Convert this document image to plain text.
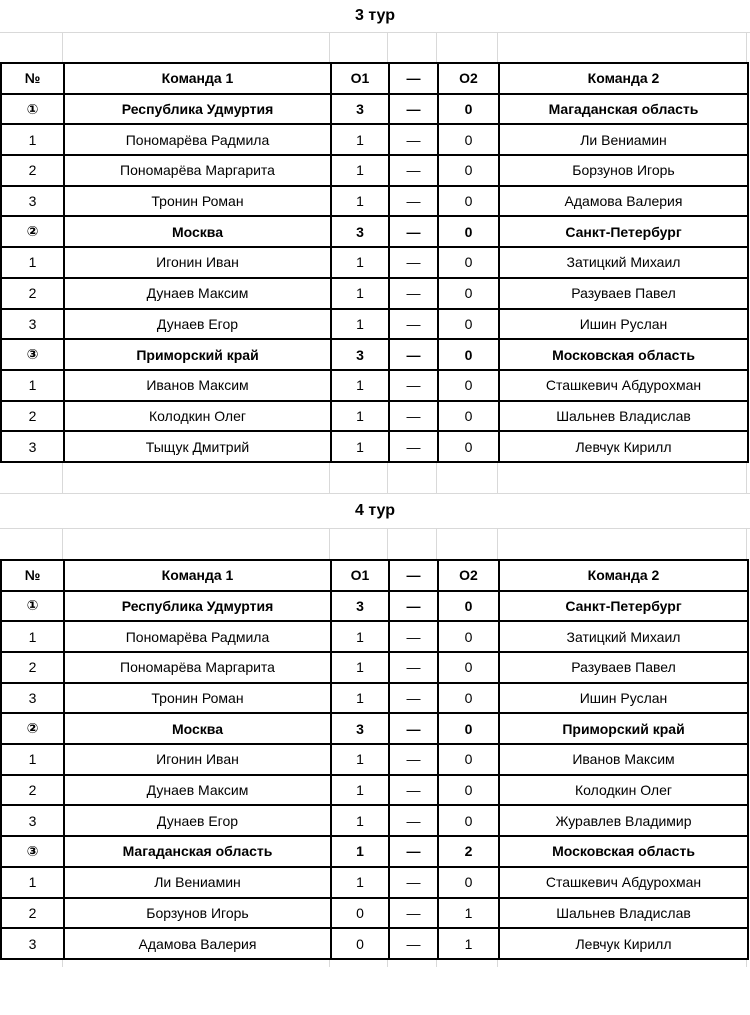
3 тур
№	Команда 1	О1	—	О2	Команда 2
①	Республика Удмуртия	3	—	0	Магаданская область
1	Пономарёва Радмила	1	—	0	Ли Вениамин
2	Пономарёва Маргарита	1	—	0	Борзунов Игорь
3	Тронин Роман	1	—	0	Адамова Валерия
②	Москва	3	—	0	Санкт-Петербург
1	Игонин Иван	1	—	0	Затицкий Михаил
2	Дунаев Максим	1	—	0	Разуваев Павел
3	Дунаев Егор	1	—	0	Ишин Руслан
③	Приморский край	3	—	0	Московская область
1	Иванов Максим	1	—	0	Сташкевич Абдурохман
2	Колодкин Олег	1	—	0	Шальнев Владислав
3	Тыщук Дмитрий	1	—	0	Левчук Кирилл
4 тур
№	Команда 1	О1	—	О2	Команда 2
①	Республика Удмуртия	3	—	0	Санкт-Петербург
1	Пономарёва Радмила	1	—	0	Затицкий Михаил
2	Пономарёва Маргарита	1	—	0	Разуваев Павел
3	Тронин Роман	1	—	0	Ишин Руслан
②	Москва	3	—	0	Приморский край
1	Игонин Иван	1	—	0	Иванов Максим
2	Дунаев Максим	1	—	0	Колодкин Олег
3	Дунаев Егор	1	—	0	Журавлев Владимир
③	Магаданская область	1	—	2	Московская область
1	Ли Вениамин	1	—	0	Сташкевич Абдурохман
2	Борзунов Игорь	0	—	1	Шальнев Владислав
3	Адамова Валерия	0	—	1	Левчук Кирилл
